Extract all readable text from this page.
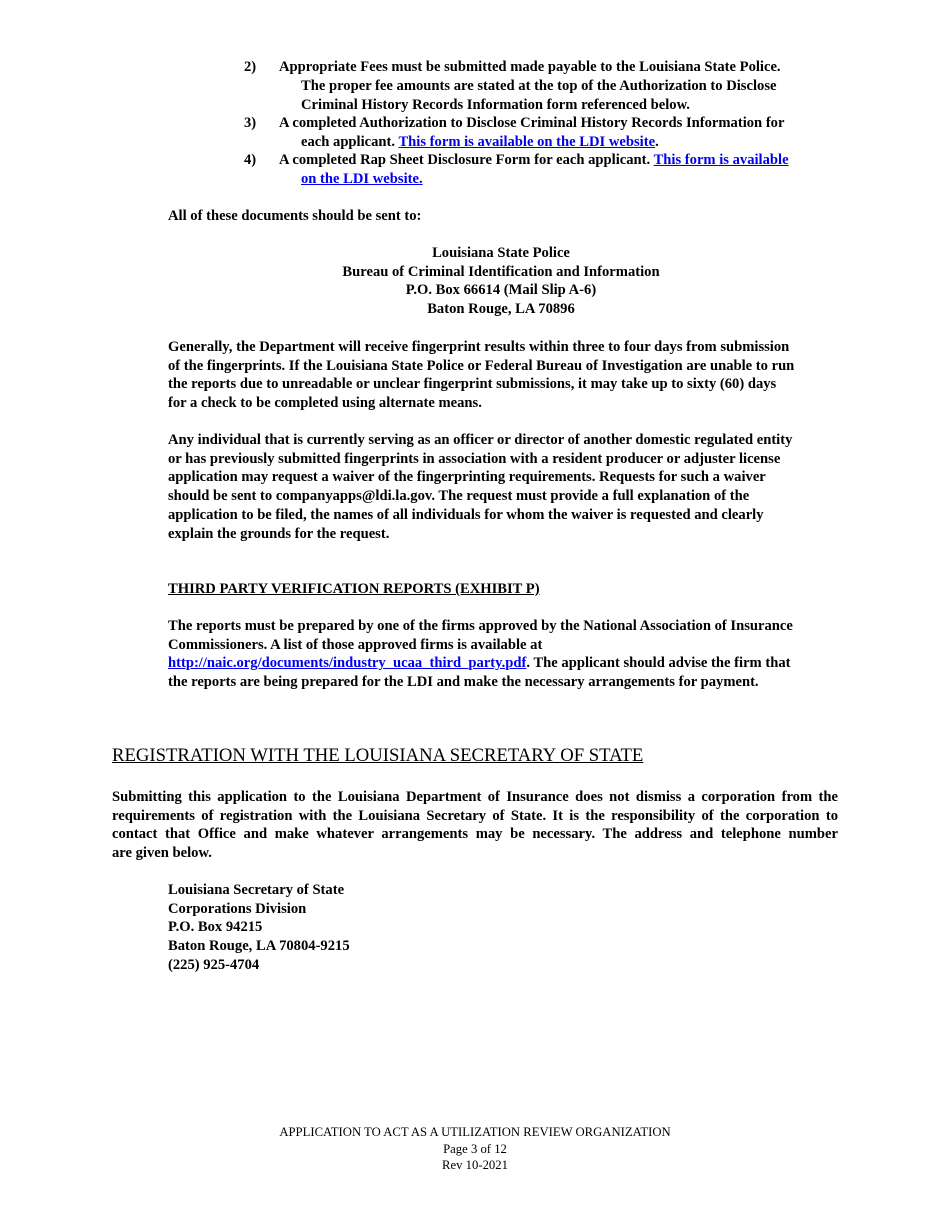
2)	Appropriate Fees must be submitted made payable to the Louisiana State Police.
The proper fee amounts are stated at the top of the Authorization to Disclose
Criminal History Records Information form referenced below.
3)	A completed Authorization to Disclose Criminal History Records Information for
each applicant. This form is available on the LDI website.
4)	A completed Rap Sheet Disclosure Form for each applicant. This form is available
on the LDI website.
All of these documents should be sent to:
Louisiana State Police
Bureau of Criminal Identification and Information
P.O. Box 66614 (Mail Slip A-6)
Baton Rouge, LA 70896
Generally, the Department will receive fingerprint results within three to four days from submission
of the fingerprints. If the Louisiana State Police or Federal Bureau of Investigation are unable to run
the reports due to unreadable or unclear fingerprint submissions, it may take up to sixty (60) days
for a check to be completed using alternate means.
Any individual that is currently serving as an officer or director of another domestic regulated entity
or has previously submitted fingerprints in association with a resident producer or adjuster license
application may request a waiver of the fingerprinting requirements. Requests for such a waiver
should be sent to companyapps@ldi.la.gov. The request must provide a full explanation of the
application to be filed, the names of all individuals for whom the waiver is requested and clearly
explain the grounds for the request.
THIRD PARTY VERIFICATION REPORTS (EXHIBIT P)
The reports must be prepared by one of the firms approved by the National Association of Insurance
Commissioners. A list of those approved firms is available at
http://naic.org/documents/industry_ucaa_third_party.pdf. The applicant should advise the firm that
the reports are being prepared for the LDI and make the necessary arrangements for payment.
REGISTRATION WITH THE LOUISIANA SECRETARY OF STATE
Submitting this application to the Louisiana Department of Insurance does not dismiss a corporation from the
requirements of registration with the Louisiana Secretary of State. It is the responsibility of the corporation to
contact that Office and make whatever arrangements may be necessary. The address and telephone number
are given below.
Louisiana Secretary of State
Corporations Division
P.O. Box 94215
Baton Rouge, LA 70804-9215
(225) 925-4704
APPLICATION TO ACT AS A UTILIZATION REVIEW ORGANIZATION
Page 3 of 12
Rev 10-2021
